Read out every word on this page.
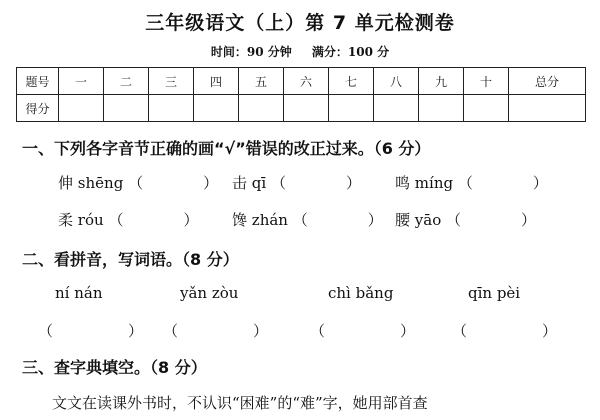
三年级语文（上）第 7 单元检测卷
时间：90 分钟 满分：100 分
题号	一	二	三	四	五	六	七	八	九	十	总分
得分											
一、下列各字音节正确的画“√”错误的改正过来。（6 分）
伸 shēng （　　　　） 击 qī （　　　　） 鸣 míng （　　　　）
柔 róu （　　　　） 馋 zhán （　　　　） 腰 yāo （　　　　）
二、看拼音，写词语。（8 分）
ní nán	yǎn zòu	chì bǎng	qīn pèi
（　　　　　） （　　　　　）	（　　　　　） （　　　　　）
三、查字典填空。（8 分）
文文在读课外书时，不认识“困难”的“难”字，她用部首查
